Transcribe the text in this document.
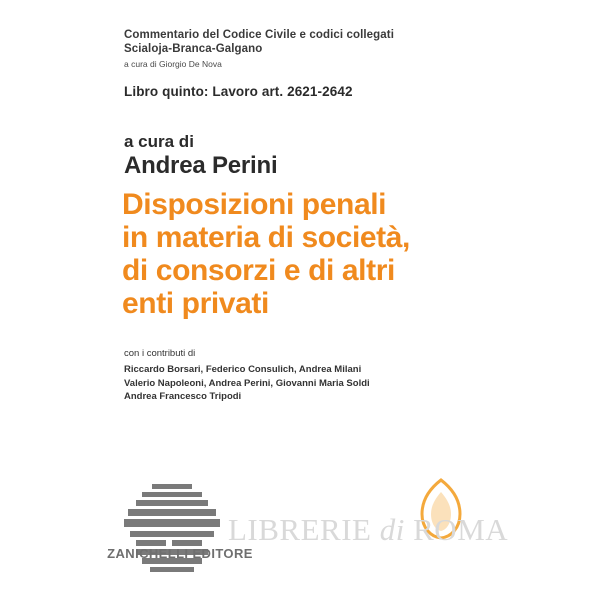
Commentario del Codice Civile e codici collegati
Scialoja-Branca-Galgano
a cura di Giorgio De Nova
Libro quinto: Lavoro art. 2621-2642
a cura di
Andrea Perini
Disposizioni penali
in materia di società,
di consorzi e di altri
enti privati
con i contributi di
Riccardo Borsari, Federico Consulich, Andrea Milani
Valerio Napoleoni, Andrea Perini, Giovanni Maria Soldi
Andrea Francesco Tripodi
ZANICHELLI EDITORE
LIBRERIE di ROMA
